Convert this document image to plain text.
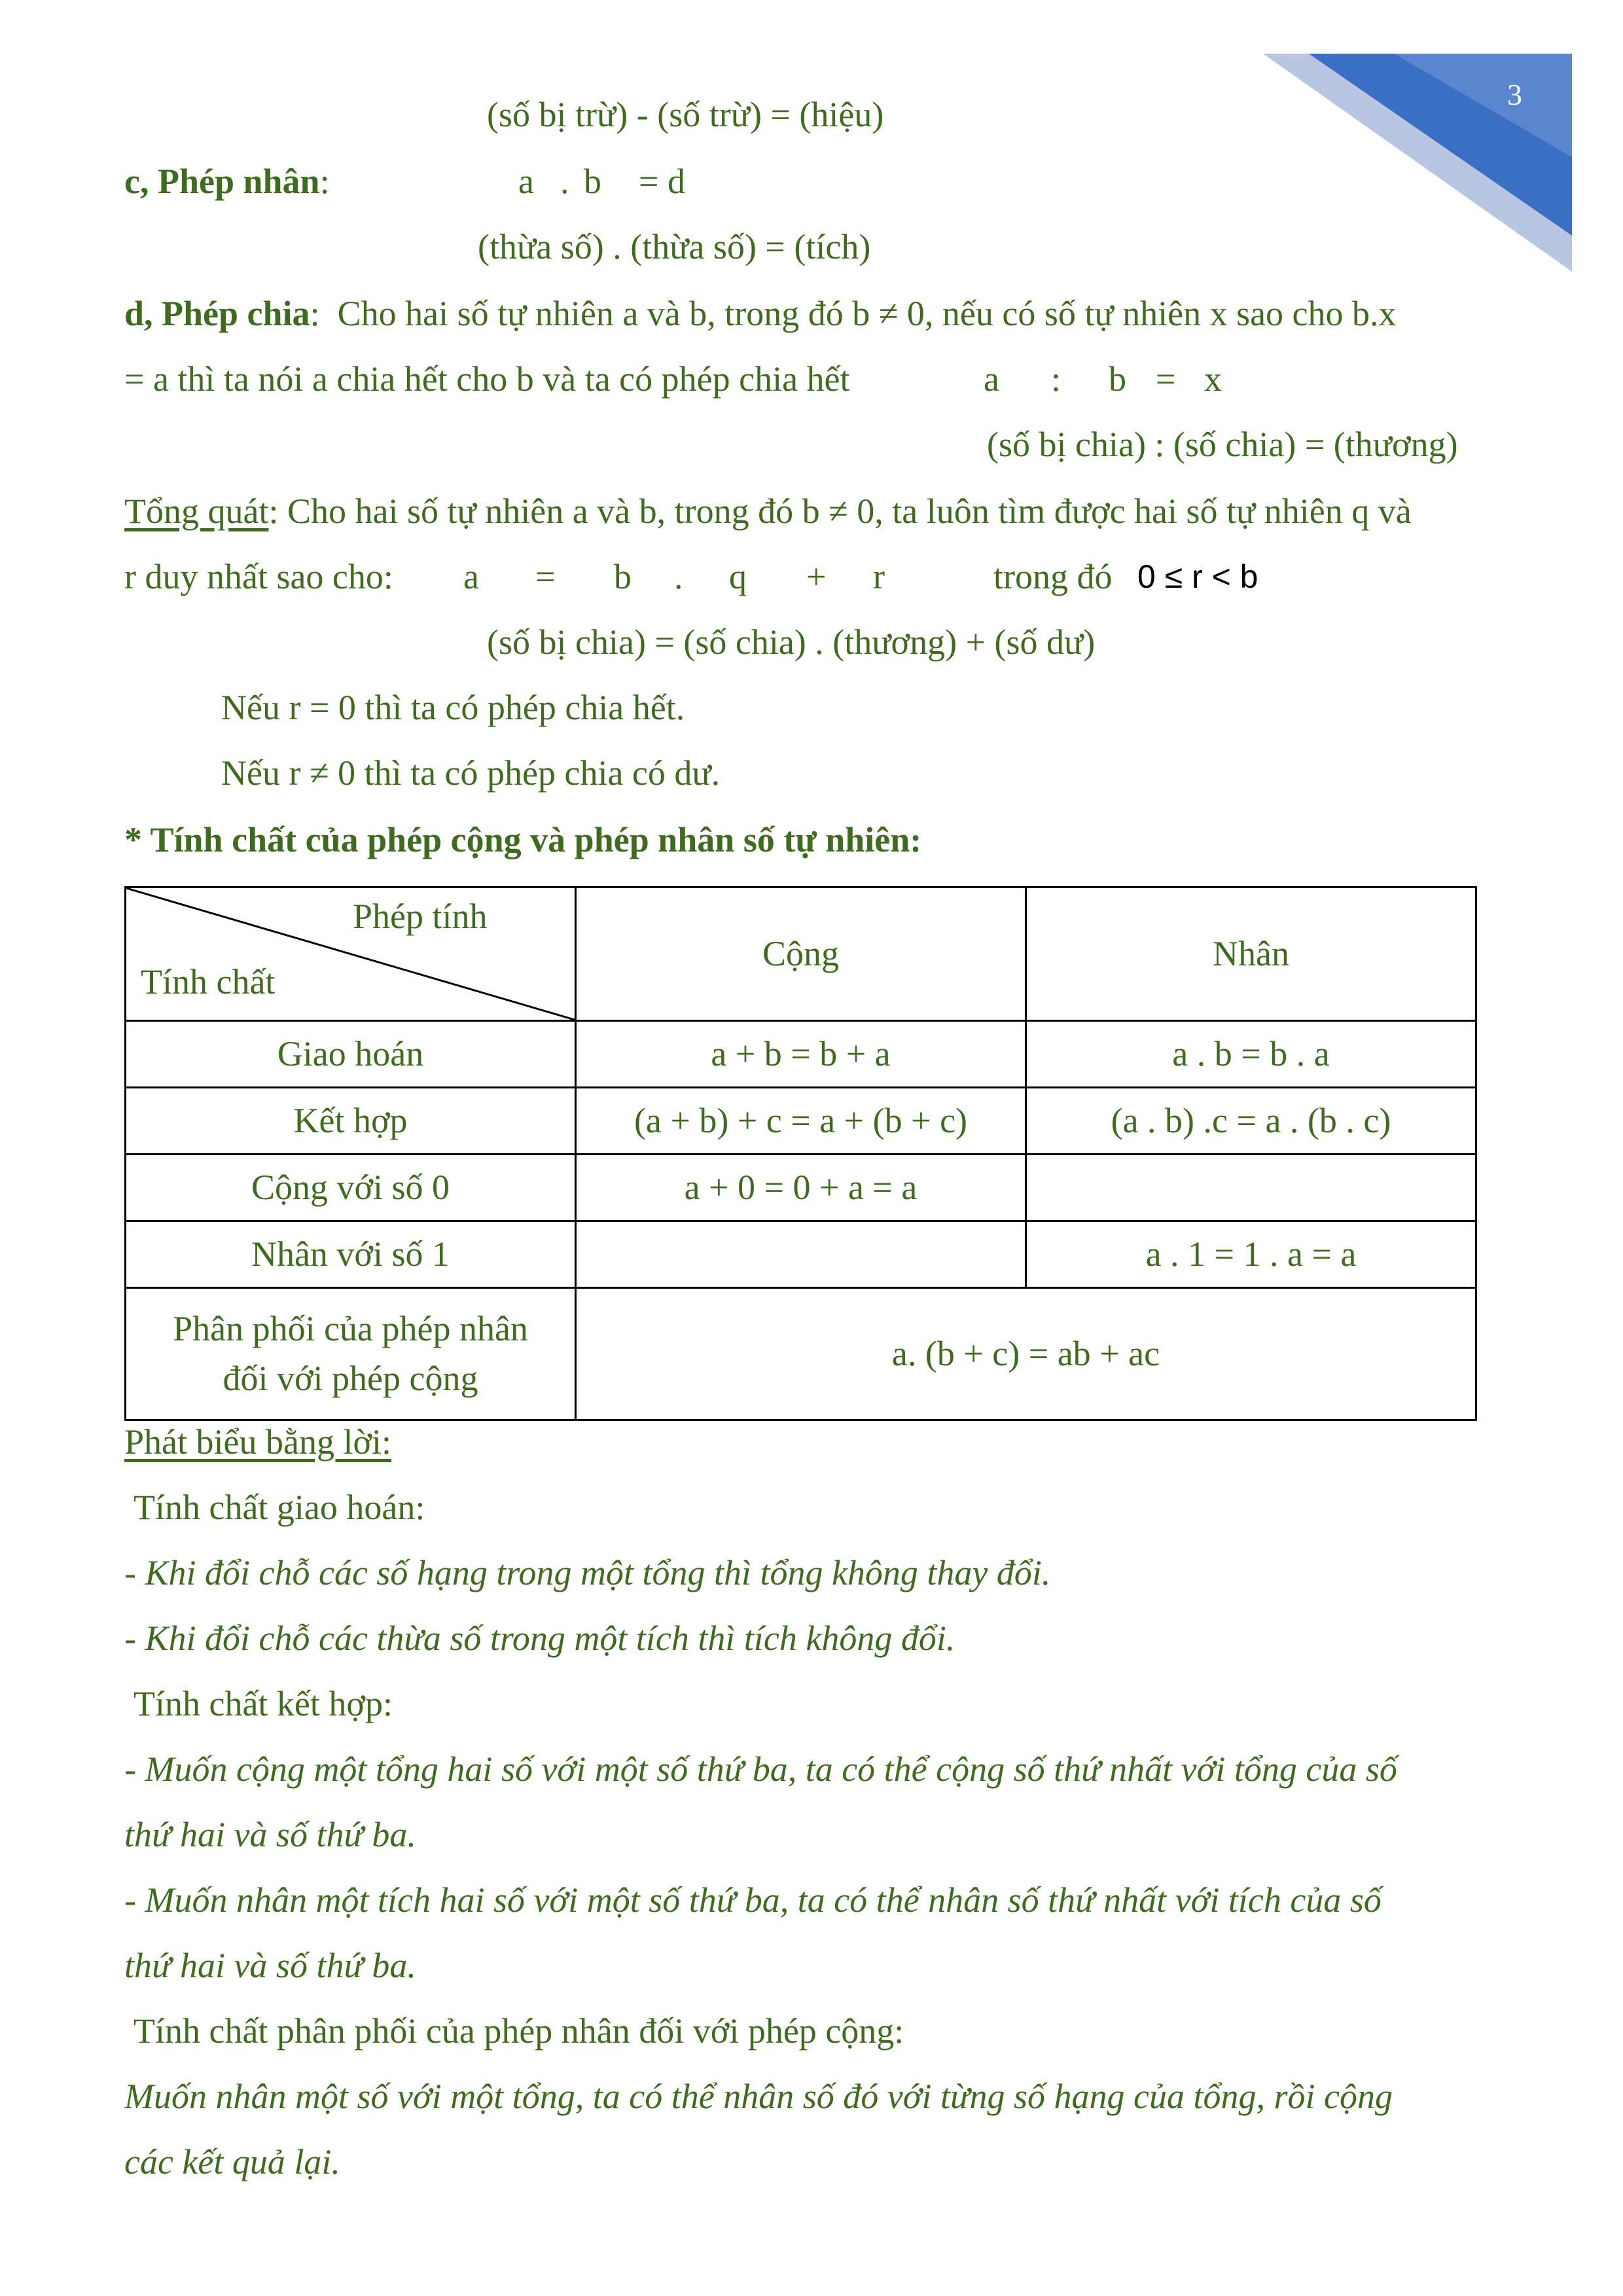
3
(số bị trừ) - (số trừ) = (hiệu)
c, Phép nhân:	a . b = d
(thừa số) . (thừa số) = (tích)
d, Phép chia: Cho hai số tự nhiên a và b, trong đó b ≠ 0, nếu có số tự nhiên x sao cho b.x
= a thì ta nói a chia hết cho b và ta có phép chia hết	a : b = x
(số bị chia) : (số chia) = (thương)
Tổng quát: Cho hai số tự nhiên a và b, trong đó b ≠ 0, ta luôn tìm được hai số tự nhiên q và
r duy nhất sao cho: a = b . q + r	trong đó 0 ≤ r < b
(số bị chia) = (số chia) . (thương) + (số dư)
Nếu r = 0 thì ta có phép chia hết.
Nếu r ≠ 0 thì ta có phép chia có dư.
* Tính chất của phép cộng và phép nhân số tự nhiên:
Phép tính
Tính chất	Cộng	Nhân
Giao hoán	a + b = b + a	a . b = b . a
Kết hợp	(a + b) + c = a + (b + c)	(a . b) .c = a . (b . c)
Cộng với số 0	a + 0 = 0 + a = a	
Nhân với số 1		a . 1 = 1 . a = a

Phân phối của phép nhân
đối với phép cộng	a. (b + c) = ab + ac	
Phát biểu bằng lời:
Tính chất giao hoán:
- Khi đổi chỗ các số hạng trong một tổng thì tổng không thay đổi.
- Khi đổi chỗ các thừa số trong một tích thì tích không đổi.
Tính chất kết hợp:
- Muốn cộng một tổng hai số với một số thứ ba, ta có thể cộng số thứ nhất với tổng của số
thứ hai và số thứ ba.
- Muốn nhân một tích hai số với một số thứ ba, ta có thể nhân số thứ nhất với tích của số
thứ hai và số thứ ba.
Tính chất phân phối của phép nhân đối với phép cộng:
Muốn nhân một số với một tổng, ta có thể nhân số đó với từng số hạng của tổng, rồi cộng
các kết quả lại.
